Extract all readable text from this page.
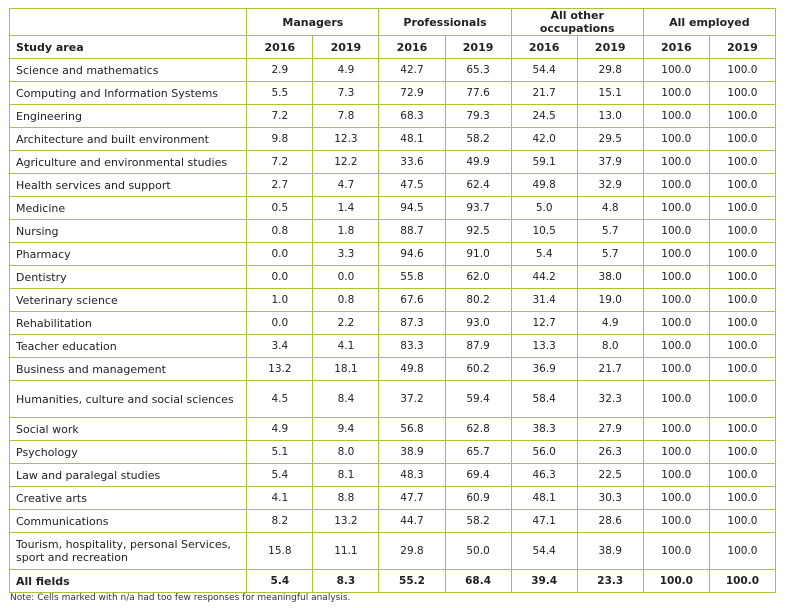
	Managers		Professionals		All other occupations		All employed	
Study area	2016	2019	2016	2019	2016	2019	2016	2019
Science and mathematics	2.9	4.9	42.7	65.3	54.4	29.8	100.0	100.0
Computing and Information Systems	5.5	7.3	72.9	77.6	21.7	15.1	100.0	100.0
Engineering	7.2	7.8	68.3	79.3	24.5	13.0	100.0	100.0
Architecture and built environment	9.8	12.3	48.1	58.2	42.0	29.5	100.0	100.0
Agriculture and environmental studies	7.2	12.2	33.6	49.9	59.1	37.9	100.0	100.0
Health services and support	2.7	4.7	47.5	62.4	49.8	32.9	100.0	100.0
Medicine	0.5	1.4	94.5	93.7	5.0	4.8	100.0	100.0
Nursing	0.8	1.8	88.7	92.5	10.5	5.7	100.0	100.0
Pharmacy	0.0	3.3	94.6	91.0	5.4	5.7	100.0	100.0
Dentistry	0.0	0.0	55.8	62.0	44.2	38.0	100.0	100.0
Veterinary science	1.0	0.8	67.6	80.2	31.4	19.0	100.0	100.0
Rehabilitation	0.0	2.2	87.3	93.0	12.7	4.9	100.0	100.0
Teacher education	3.4	4.1	83.3	87.9	13.3	8.0	100.0	100.0
Business and management	13.2	18.1	49.8	60.2	36.9	21.7	100.0	100.0
Humanities, culture and social sciences	4.5	8.4	37.2	59.4	58.4	32.3	100.0	100.0
Social work	4.9	9.4	56.8	62.8	38.3	27.9	100.0	100.0
Psychology	5.1	8.0	38.9	65.7	56.0	26.3	100.0	100.0
Law and paralegal studies	5.4	8.1	48.3	69.4	46.3	22.5	100.0	100.0
Creative arts	4.1	8.8	47.7	60.9	48.1	30.3	100.0	100.0
Communications	8.2	13.2	44.7	58.2	47.1	28.6	100.0	100.0
Tourism, hospitality, personal Services, sport and recreation	15.8	11.1	29.8	50.0	54.4	38.9	100.0	100.0
All fields	5.4	8.3	55.2	68.4	39.4	23.3	100.0	100.0
Note: Cells marked with n/a had too few responses for meaningful analysis.
